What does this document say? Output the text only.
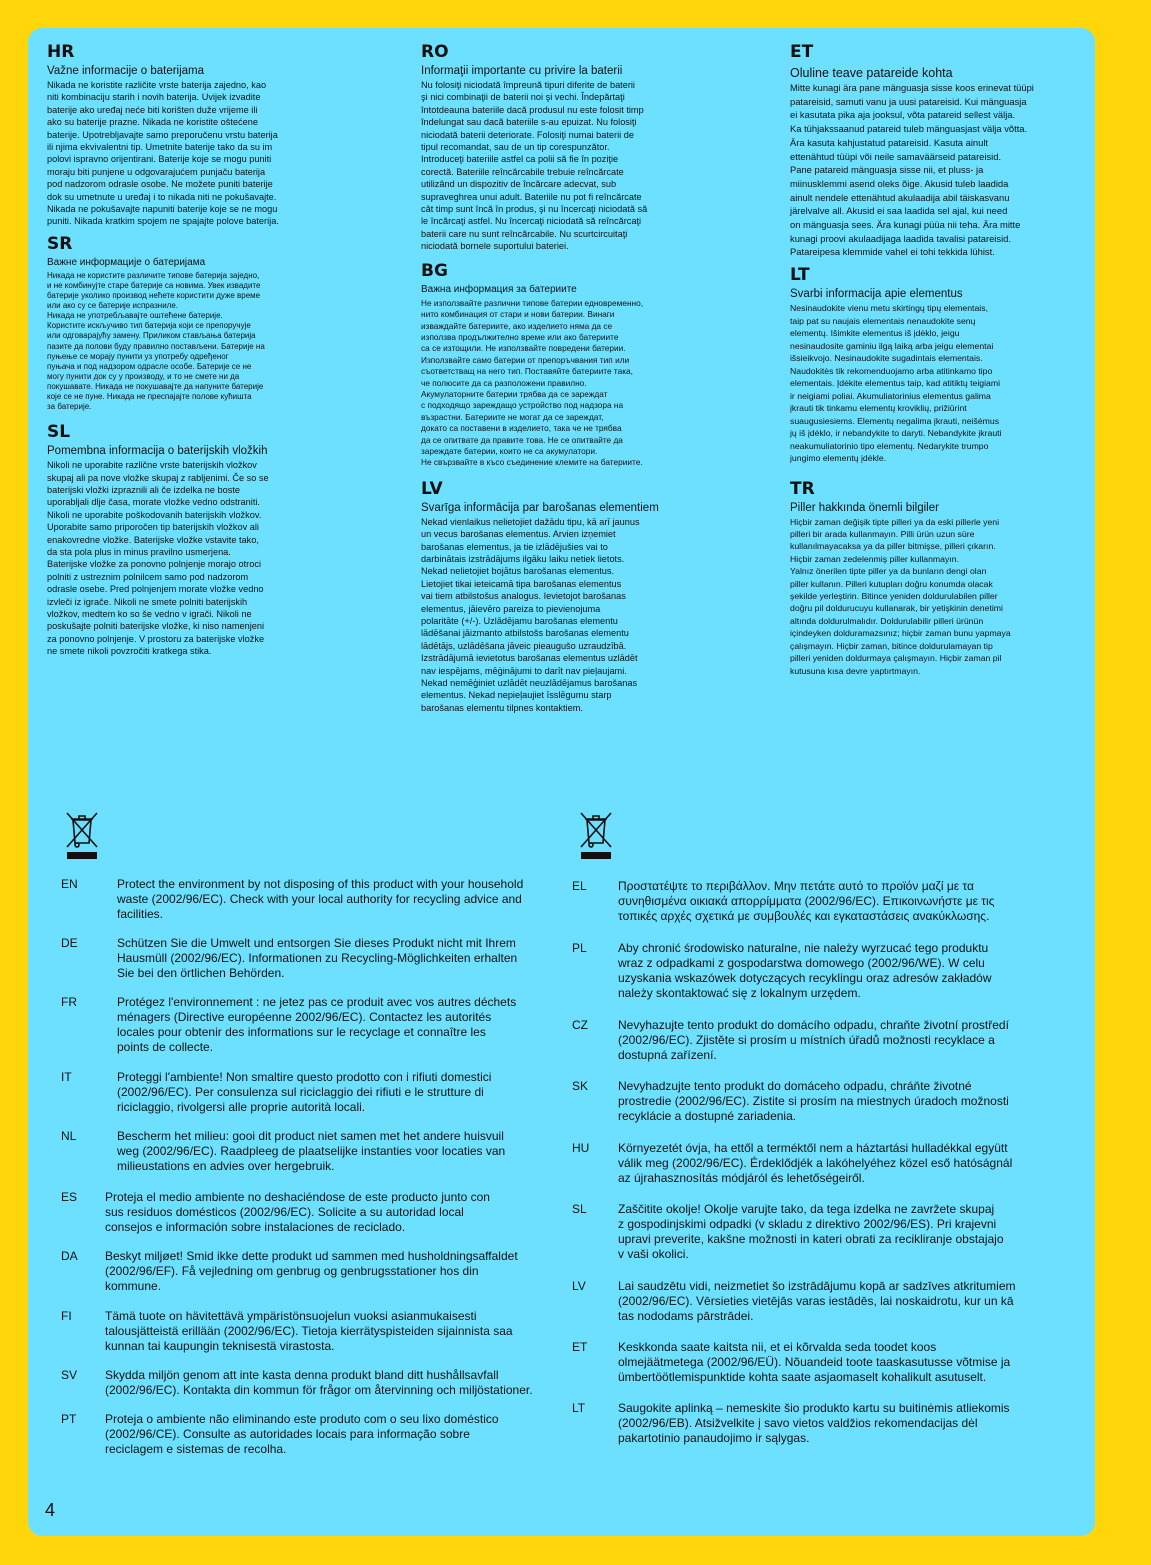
HR

Važne informacije o baterijama

Nikada ne koristite različite vrste baterija zajedno, kao
niti kombinaciju starih i novih baterija. Uvijek izvadite
baterije ako uređaj neće biti korišten duže vrijeme ili
ako su baterije prazne. Nikada ne koristite oštećene
baterije. Upotrebljavajte samo preporučenu vrstu baterija
ili njima ekvivalentni tip. Umetnite baterije tako da su im
polovi ispravno orijentirani. Baterije koje se mogu puniti
moraju biti punjene u odgovarajućem punjaču baterija
pod nadzorom odrasle osobe. Ne možete puniti baterije
dok su umetnute u uređaj i to nikada niti ne pokušavajte.
Nikada ne pokušavajte napuniti baterije koje se ne mogu
puniti. Nikada kratkim spojem ne spajajte polove baterija.

SR

Важне информације о батеријама

Никада не користите различите типове батерија заједно,
и не комбинујте старе батерије са новима. Увек извадите
батерије уколико производ нећете користити дуже време
или ако су се батерије испразниле.
Никада не употребљавајте оштећене батерије.
Користите искључиво тип батерија који се препоручује
или одговарајућу замену. Приликом стављања батерија
пазите да полови буду правилно постављени. Батерије на
пуњење се морају пунити уз употребу одређеног
пуњача и под надзором одрасле особе. Батерије се не
могу пунити док су у производу, и то не смете ни да
покушавате. Никада не покушавајте да напуните батерије
које се не пуне. Никада не преспајајте полове кућишта
за батерије.

SL

Pomembna informacija o baterijskih vložkih

Nikoli ne uporabite različne vrste baterijskih vložkov
skupaj ali pa nove vložke skupaj z rabljenimi. Če so se
baterijski vložki izpraznili ali če izdelka ne boste
uporabljali dlje časa, morate vložke vedno odstraniti.
Nikoli ne uporabite poškodovanih baterijskih vložkov.
Uporabite samo priporočen tip baterijskih vložkov ali
enakovredne vložke. Baterijske vložke vstavite tako,
da sta pola plus in minus pravilno usmerjena.
Baterijske vložke za ponovno polnjenje morajo otroci
polniti z ustreznim polnilcem samo pod nadzorom
odrasle osebe. Pred polnjenjem morate vložke vedno
izvleči iz igrače. Nikoli ne smete polniti baterijskih
vložkov, medtem ko so še vedno v igrači. Nikoli ne
poskušajte polniti baterijske vložke, ki niso namenjeni
za ponovno polnjenje. V prostoru za baterijske vložke
ne smete nikoli povzročiti kratkega stika.

RO

Informaţii importante cu privire la baterii

Nu folosiţi niciodată împreună tipuri diferite de baterii
şi nici combinaţii de baterii noi şi vechi. Îndepărtaţi
întotdeauna bateriile dacă produsul nu este folosit timp
îndelungat sau dacă bateriile s-au epuizat. Nu folosiţi
niciodată baterii deteriorate. Folosiţi numai baterii de
tipul recomandat, sau de un tip corespunzător.
Introduceţi bateriile astfel ca polii să fie în poziţie
corectă. Bateriile reîncărcabile trebuie reîncărcate
utilizând un dispozitiv de încărcare adecvat, sub
supraveghrea unui adult. Bateriile nu pot fi reîncărcate
cât timp sunt încă în produs, şi nu încercaţi niciodată să
le încărcaţi astfel. Nu încercaţi niciodată să reîncărcaţi
baterii care nu sunt reîncărcabile. Nu scurtcircuitaţi
niciodată bornele suportului bateriei.

BG

Важна информация за батериите

Не използвайте различни типове батерии едновременно,
нито комбинация от стари и нови батерии. Винаги
изваждайте батериите, ако изделието няма да се
използва продължително време или ако батериите
са се изтощили. Не използвайте повредени батерии.
Използвайте само батерии от препоръчвания тип или
съответстващ на него тип. Поставяйте батериите така,
че полюсите да са разположени правилно.
Акумулаторните батерии трябва да се зареждат
с подходящо зареждащо устройство под надзора на
възрастни. Батериите не могат да се зареждат,
докато са поставени в изделието, така че не трябва
да се опитвате да правите това. Не се опитвайте да
зареждате батерии, които не са акумулатори.
Не свързвайте в късо съединение клемите на батериите.

LV

Svarīga informācija par barošanas elementiem

Nekad vienlaikus nelietojiet dažādu tipu, kā arī jaunus
un vecus barošanas elementus. Arvien izņemiet
barošanas elementus, ja tie izlādējušies vai to
darbinātais izstrādājums ilgāku laiku netiek lietots.
Nekad nelietojiet bojātus barošanas elementus.
Lietojiet tikai ieteicamā tipa barošanas elementus
vai tiem atbilstošus analogus. Ievietojot barošanas
elementus, jāievēro pareiza to pievienojuma
polaritāte (+/-). Uzlādējamu barošanas elementu
lādēšanai jāizmanto atbilstošs barošanas elementu
lādētājs, uzlādēšana jāveic pieaugušo uzraudzībā.
Izstrādājumā ievietotus barošanas elementus uzlādēt
nav iespējams, mēģinājumi to darīt nav pieļaujami.
Nekad nemēģiniet uzlādēt neuzlādējamus barošanas
elementus. Nekad nepieļaujiet īsslēgumu starp
barošanas elementu tilpnes kontaktiem.

ET

Oluline teave patareide kohta

Mitte kunagi ära pane mänguasja sisse koos erinevat tüüpi
patareisid, samuti vanu ja uusi patareisid. Kui mänguasja
ei kasutata pika aja jooksul, võta patareid sellest välja.
Ka tühjakssaanud patareid tuleb mänguasjast välja võtta.
Ära kasuta kahjustatud patareisid. Kasuta ainult
ettenähtud tüüpi või neile samaväärseid patareisid.
Pane patareid mänguasja sisse nii, et pluss- ja
miinusklemmi asend oleks õige. Akusid tuleb laadida
ainult nendele ettenähtud akulaadija abil täiskasvanu
järelvalve all. Akusid ei saa laadida sel ajal, kui need
on mänguasja sees. Ära kunagi püüa nii teha. Ära mitte
kunagi proovi akulaadijaga laadida tavalisi patareisid.
Patareipesa klemmide vahel ei tohi tekkida lühist.

LT

Svarbi informacija apie elementus

Nesinaudokite vienu metu skirtingų tipų elementais,
taip pat su naujais elementais nenaudokite senų
elementų. Išimkite elementus iš įdėklo, jeigu
nesinaudosite gaminiu ilgą laiką arba jeigu elementai
išsieikvojo. Nesinaudokite sugadintais elementais.
Naudokitės tik rekomenduojamo arba atitinkamo tipo
elementais. Įdėkite elementus taip, kad atitiktų teigiami
ir neigiami poliai. Akumuliatorinius elementus galima
įkrauti tik tinkamu elementų kroviklių, prižiūrint
suaugusiesiems. Elementų negalima įkrauti, neišėmus
jų iš įdėklo, ir nebandykite to daryti. Nebandykite įkrauti
neakumuliatorinio tipo elementų. Nedarykite trumpo
jungimo elementų įdėkle.

TR

Piller hakkında önemli bilgiler

Hiçbir zaman değişik tipte pilleri ya da eski pillerle yeni
pilleri bir arada kullanmayın. Pilli ürün uzun süre
kullanılmayacaksa ya da piller bitmişse, pilleri çıkarın.
Hiçbir zaman zedelenmiş piller kullanmayın.
Yalnız önerilen tipte piller ya da bunların dengi olan
piller kullanın. Pilleri kutupları doğru konumda olacak
şekilde yerleştirin. Bitince yeniden doldurulabilen piller
doğru pil doldurucuyu kullanarak, bir yetişkinin denetimi
altında doldurulmalıdır. Doldurulabilir pilleri ürünün
içindeyken dolduramazsınız; hiçbir zaman bunu yapmaya
çalışmayın. Hiçbir zaman, bitince doldurulamayan tip
pilleri yeniden doldurmaya çalışmayın. Hiçbir zaman pil
kutusuna kısa devre yaptırtmayın.

EN	Protect the environment by not disposing of this product with your household
waste (2002/96/EC). Check with your local authority for recycling advice and
facilities.
DE	Schützen Sie die Umwelt und entsorgen Sie dieses Produkt nicht mit Ihrem
Hausmüll (2002/96/EC). Informationen zu Recycling-Möglichkeiten erhalten
Sie bei den örtlichen Behörden.
FR	Protégez l'environnement : ne jetez pas ce produit avec vos autres déchets
ménagers (Directive européenne 2002/96/EC). Contactez les autorités
locales pour obtenir des informations sur le recyclage et connaître les
points de collecte.
IT	Proteggi l'ambiente! Non smaltire questo prodotto con i rifiuti domestici
(2002/96/EC). Per consulenza sul riciclaggio dei rifiuti e le strutture di
riciclaggio, rivolgersi alle proprie autorità locali.
NL	Bescherm het milieu: gooi dit product niet samen met het andere huisvuil
weg (2002/96/EC). Raadpleeg de plaatselijke instanties voor locaties van
milieustations en advies over hergebruik.
ES	Proteja el medio ambiente no deshaciéndose de este producto junto con
sus residuos domésticos (2002/96/EC). Solicite a su autoridad local
consejos e información sobre instalaciones de reciclado.
DA	Beskyt miljøet! Smid ikke dette produkt ud sammen med husholdningsaffaldet
(2002/96/EF). Få vejledning om genbrug og genbrugsstationer hos din
kommune.
FI	Tämä tuote on hävitettävä ympäristönsuojelun vuoksi asianmukaisesti
talousjätteistä erillään (2002/96/EC). Tietoja kierrätyspisteiden sijainnista saa
kunnan tai kaupungin teknisestä virastosta.
SV	Skydda miljön genom att inte kasta denna produkt bland ditt hushållsavfall
(2002/96/EC). Kontakta din kommun för frågor om återvinning och miljöstationer.
PT	Proteja o ambiente não eliminando este produto com o seu lixo doméstico
(2002/96/CE). Consulte as autoridades locais para informação sobre
reciclagem e sistemas de recolha.
EL	Προστατέψτε το περιβάλλον. Μην πετάτε αυτό το προϊόν μαζί με τα
συνηθισμένα οικιακά απορρίμματα (2002/96/EC). Επικοινωνήστε με τις
τοπικές αρχές σχετικά με συμβουλές και εγκαταστάσεις ανακύκλωσης.
PL	Aby chronić środowisko naturalne, nie należy wyrzucać tego produktu
wraz z odpadkami z gospodarstwa domowego (2002/96/WE). W celu
uzyskania wskazówek dotyczących recyklingu oraz adresów zakładów
należy skontaktować się z lokalnym urzędem.
CZ	Nevyhazujte tento produkt do domácího odpadu, chraňte životní prostředí
(2002/96/EC). Zjistěte si prosím u místních úřadů možnosti recyklace a
dostupná zařízení.
SK	Nevyhadzujte tento produkt do domáceho odpadu, chráňte životné
prostredie (2002/96/EC). Zistite si prosím na miestnych úradoch možnosti
recyklácie a dostupné zariadenia.
HU	Környezetét óvja, ha ettől a terméktől nem a háztartási hulladékkal együtt
válik meg (2002/96/EC). Érdeklődjék a lakóhelyéhez közel eső hatóságnál
az újrahasznosítás módjáról és lehetőségeiről.
SL	Zaščitite okolje! Okolje varujte tako, da tega izdelka ne zavržete skupaj
z gospodinjskimi odpadki (v skladu z direktivo 2002/96/ES). Pri krajevni
upravi preverite, kakšne možnosti in kateri obrati za recikliranje obstajajo
v vaši okolici.
LV	Lai saudzētu vidi, neizmetiet šo izstrādājumu kopā ar sadzīves atkritumiem
(2002/96/EC). Vērsieties vietējās varas iestādēs, lai noskaidrotu, kur un kā
tas nododams pārstrādei.
ET	Keskkonda saate kaitsta nii, et ei kõrvalda seda toodet koos
olmejäätmetega (2002/96/EÜ). Nõuandeid toote taaskasutusse võtmise ja
ümbertöötlemispunktide kohta saate asjaomaselt kohalikult asutuselt.
LT	Saugokite aplinką – nemeskite šio produkto kartu su buitinėmis atliekomis
(2002/96/EB). Atsižvelkite į savo vietos valdžios rekomendacijas dėl
pakartotinio panaudojimo ir sąlygas.
4
